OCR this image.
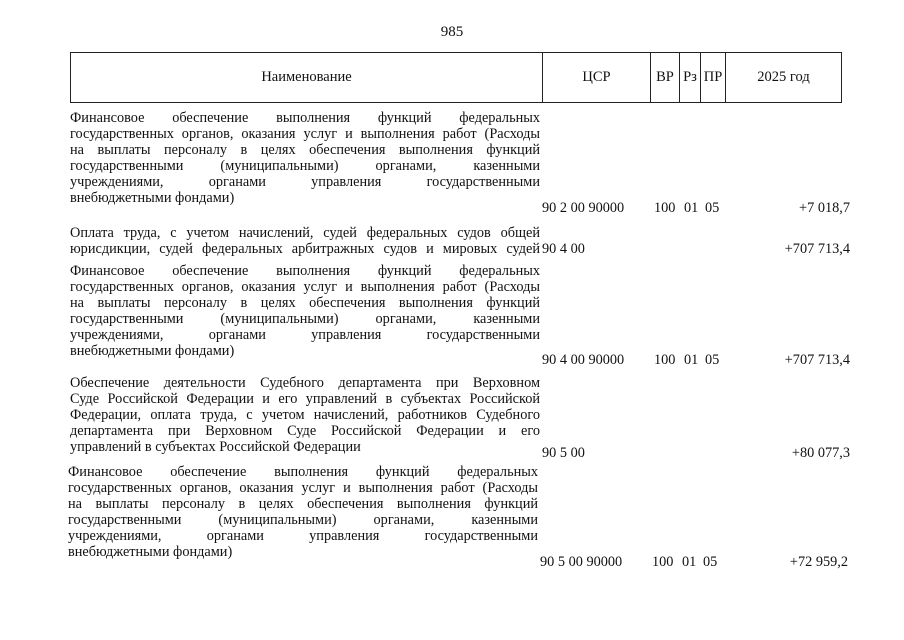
985
Наименование	ЦСР	ВР	Рз	ПР	2025 год
Финансовое обеспечение выполнения функций федеральных
государственных органов, оказания услуг и выполнения работ (Расходы
на выплаты персоналу в целях обеспечения выполнения функций
государственными (муниципальными) органами, казенными
учреждениями, органами управления государственными
внебюджетными фондами)
90 2 00 90000 100 01 05	+7 018,7
Оплата труда, с учетом начислений, судей федеральных судов общей
юрисдикции, судей федеральных арбитражных судов и мировых судей 90 4 00	+707 713,4
Финансовое обеспечение выполнения функций федеральных
государственных органов, оказания услуг и выполнения работ (Расходы
на выплаты персоналу в целях обеспечения выполнения функций
государственными (муниципальными) органами, казенными
учреждениями, органами управления государственными
внебюджетными фондами)
90 4 00 90000 100 01 05	+707 713,4
Обеспечение деятельности Судебного департамента при Верховном
Суде Российской Федерации и его управлений в субъектах Российской
Федерации, оплата труда, с учетом начислений, работников Судебного
департамента при Верховном Суде Российской Федерации и его
управлений в субъектах Российской Федерации	90 5 00	+80 077,3
Финансовое обеспечение выполнения функций федеральных
государственных органов, оказания услуг и выполнения работ (Расходы
на выплаты персоналу в целях обеспечения выполнения функций
государственными (муниципальными) органами, казенными
учреждениями, органами управления государственными
внебюджетными фондами)
90 5 00 90000 100 01 05	+72 959,2
